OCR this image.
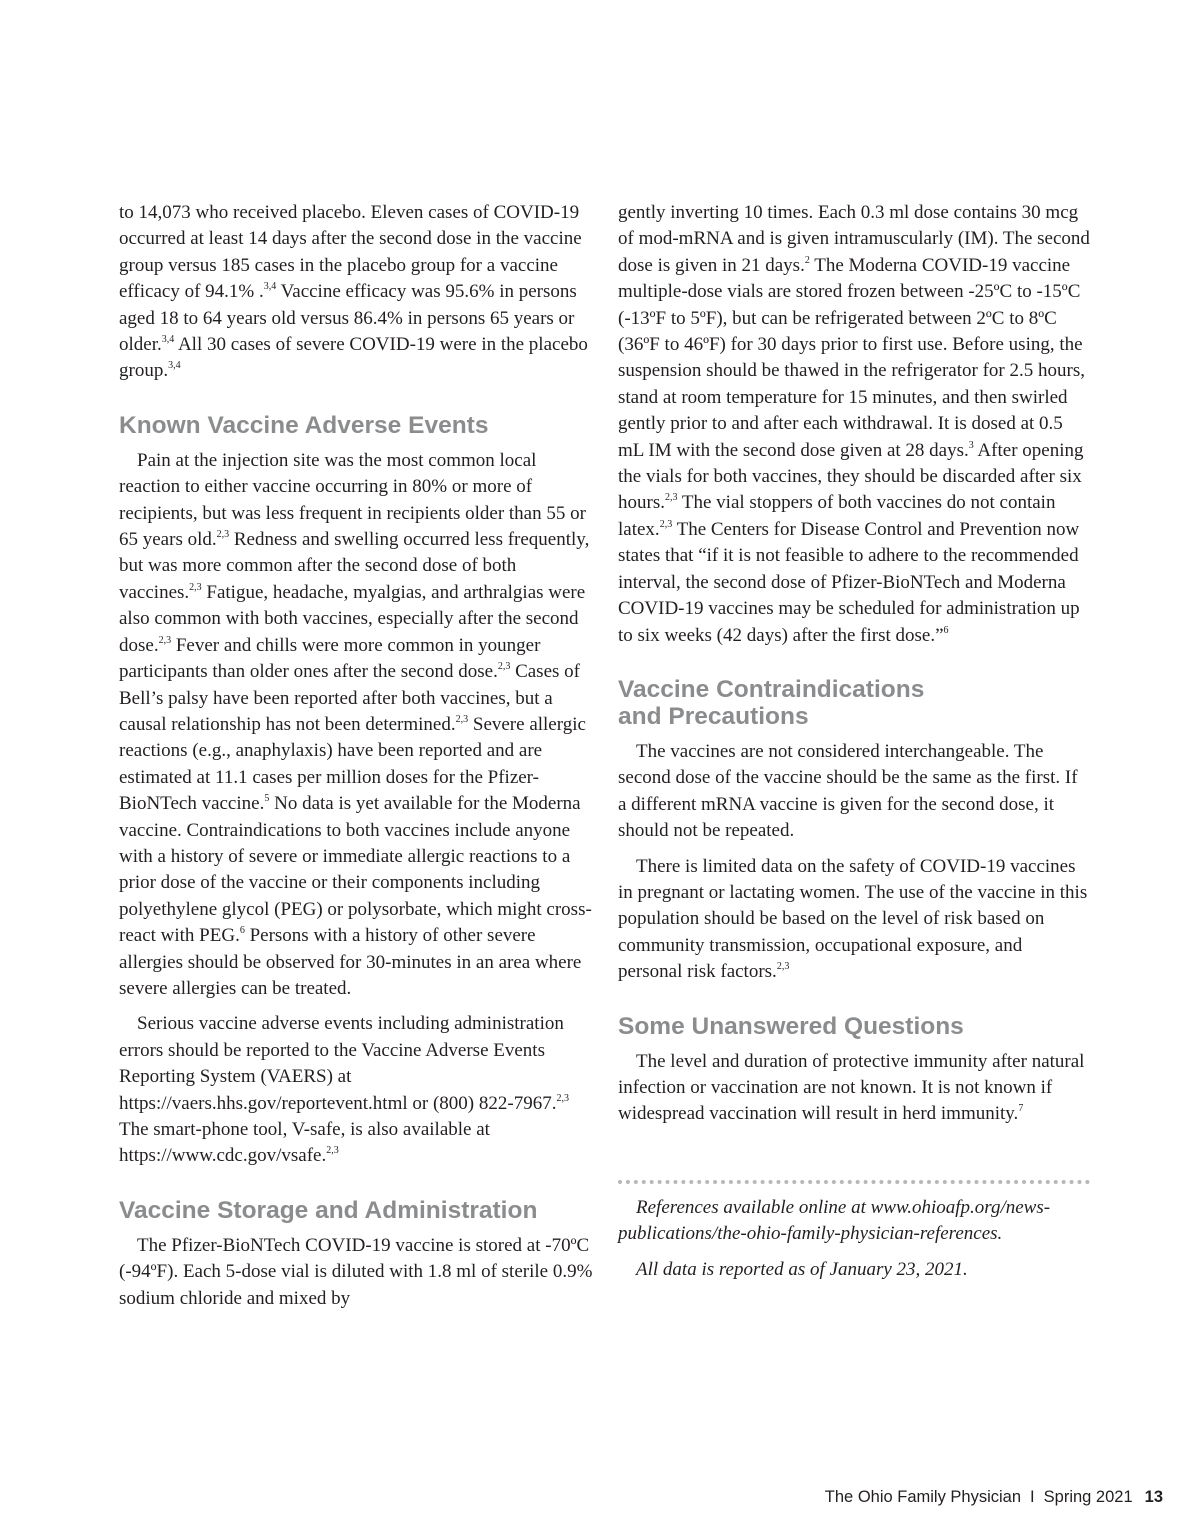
to 14,073 who received placebo. Eleven cases of COVID-19 occurred at least 14 days after the second dose in the vaccine group versus 185 cases in the placebo group for a vaccine efficacy of 94.1% .$^{3,4}$ Vaccine efficacy was 95.6% in persons aged 18 to 64 years old versus 86.4% in persons 65 years or older.$^{3,4}$ All 30 cases of severe COVID-19 were in the placebo group.$^{3,4}$

Known Vaccine Adverse Events

Pain at the injection site was the most common local reaction to either vaccine occurring in 80% or more of recipients, but was less frequent in recipients older than 55 or 65 years old.$^{2,3}$ Redness and swelling occurred less frequently, but was more common after the second dose of both vaccines.$^{2,3}$ Fatigue, headache, myalgias, and arthralgias were also common with both vaccines, especially after the second dose.$^{2,3}$ Fever and chills were more common in younger participants than older ones after the second dose.$^{2,3}$ Cases of Bell’s palsy have been reported after both vaccines, but a causal relationship has not been determined.$^{2,3}$ Severe allergic reactions (e.g., anaphylaxis) have been reported and are estimated at 11.1 cases per million doses for the Pfizer-BioNTech vaccine.$^5$ No data is yet available for the Moderna vaccine. Contraindications to both vaccines include anyone with a history of severe or immediate allergic reactions to a prior dose of the vaccine or their components including polyethylene glycol (PEG) or polysorbate, which might cross-react with PEG.$^6$ Persons with a history of other severe allergies should be observed for 30-minutes in an area where severe allergies can be treated.

Serious vaccine adverse events including administration errors should be reported to the Vaccine Adverse Events Reporting System (VAERS) at https://vaers.hhs.gov/reportevent.html or (800) 822-7967.$^{2,3}$  The smart-phone tool, V-safe, is also available at https://www.cdc.gov/vsafe.$^{2,3}$

Vaccine Storage and Administration

The Pfizer-BioNTech COVID-19 vaccine is stored at -70ºC (-94ºF). Each 5-dose vial is diluted with 1.8 ml of sterile 0.9% sodium chloride and mixed by

gently inverting 10 times. Each 0.3 ml dose contains 30 mcg of mod-mRNA and is given intramuscularly (IM). The second dose is given in 21 days.$^2$ The Moderna COVID-19 vaccine multiple-dose vials are stored frozen between -25ºC to -15ºC (-13ºF to 5ºF), but can be refrigerated between 2ºC to 8ºC (36ºF to 46ºF) for 30 days prior to first use. Before using, the suspension should be thawed in the refrigerator for 2.5 hours, stand at room temperature for 15 minutes, and then swirled gently prior to and after each withdrawal. It is dosed at 0.5 mL IM with the second dose given at 28 days.$^3$ After opening the vials for both vaccines, they should be discarded after six hours.$^{2,3}$ The vial stoppers of both vaccines do not contain latex.$^{2,3}$ The Centers for Disease Control and Prevention now states that “if it is not feasible to adhere to the recommended interval, the second dose of Pfizer-BioNTech and Moderna COVID-19 vaccines may be scheduled for administration up to six weeks (42 days) after the first dose.”$^6$

Vaccine Contraindications
and Precautions

The vaccines are not considered interchangeable. The second dose of the vaccine should be the same as the first. If a different mRNA vaccine is given for the second dose, it should not be repeated.

There is limited data on the safety of COVID-19 vaccines in pregnant or lactating women. The use of the vaccine in this population should be based on the level of risk based on community transmission, occupational exposure, and personal risk factors.$^{2,3}$

Some Unanswered Questions

The level and duration of protective immunity after natural infection or vaccination are not known. It is not known if widespread vaccination will result in herd immunity.$^7$

References available online at www.ohioafp.org/news-publications/the-ohio-family-physician-references.

All data is reported as of January 23, 2021.

The Ohio Family Physician I Spring 2021 13
